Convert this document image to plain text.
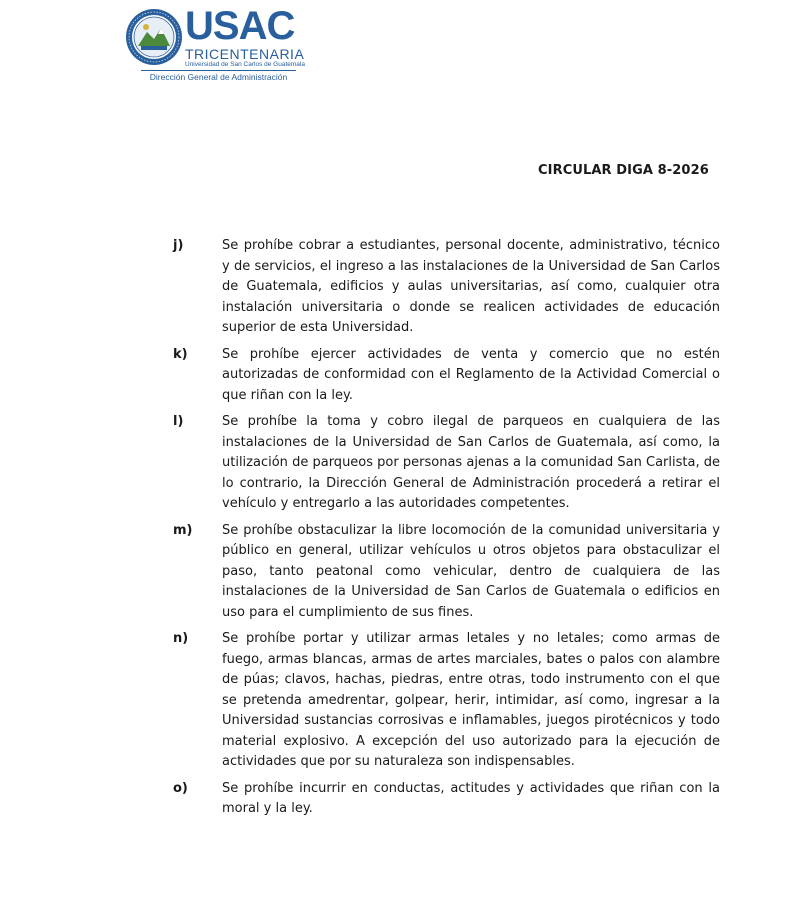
USAC
TRICENTENARIA
Universidad de San Carlos de Guatemala
Dirección General de Administración
CIRCULAR DIGA 8-2026
j)	Se prohíbe cobrar a estudiantes, personal docente, administrativo, técnico y de servicios, el ingreso a las instalaciones de la Universidad de San Carlos de Guatemala, edificios y aulas universitarias, así como, cualquier otra instalación universitaria o donde se realicen actividades de educación superior de esta Universidad.
k)	Se prohíbe ejercer actividades de venta y comercio que no estén autorizadas de conformidad con el Reglamento de la Actividad Comercial o que riñan con la ley.
l)	Se prohíbe la toma y cobro ilegal de parqueos en cualquiera de las instalaciones de la Universidad de San Carlos de Guatemala, así como, la utilización de parqueos por personas ajenas a la comunidad San Carlista, de lo contrario, la Dirección General de Administración procederá a retirar el vehículo y entregarlo a las autoridades competentes.
m) Se prohíbe obstaculizar la libre locomoción de la comunidad universitaria y público en general, utilizar vehículos u otros objetos para obstaculizar el paso, tanto peatonal como vehicular, dentro de cualquiera de las instalaciones de la Universidad de San Carlos de Guatemala o edificios en uso para el cumplimiento de sus fines.
n)	Se prohíbe portar y utilizar armas letales y no letales; como armas de fuego, armas blancas, armas de artes marciales, bates o palos con alambre de púas; clavos, hachas, piedras, entre otras, todo instrumento con el que se pretenda amedrentar, golpear, herir, intimidar, así como, ingresar a la Universidad sustancias corrosivas e inflamables, juegos pirotécnicos y todo material explosivo. A excepción del uso autorizado para la ejecución de actividades que por su naturaleza son indispensables.
o)	Se prohíbe incurrir en conductas, actitudes y actividades que riñan con la moral y la ley.
